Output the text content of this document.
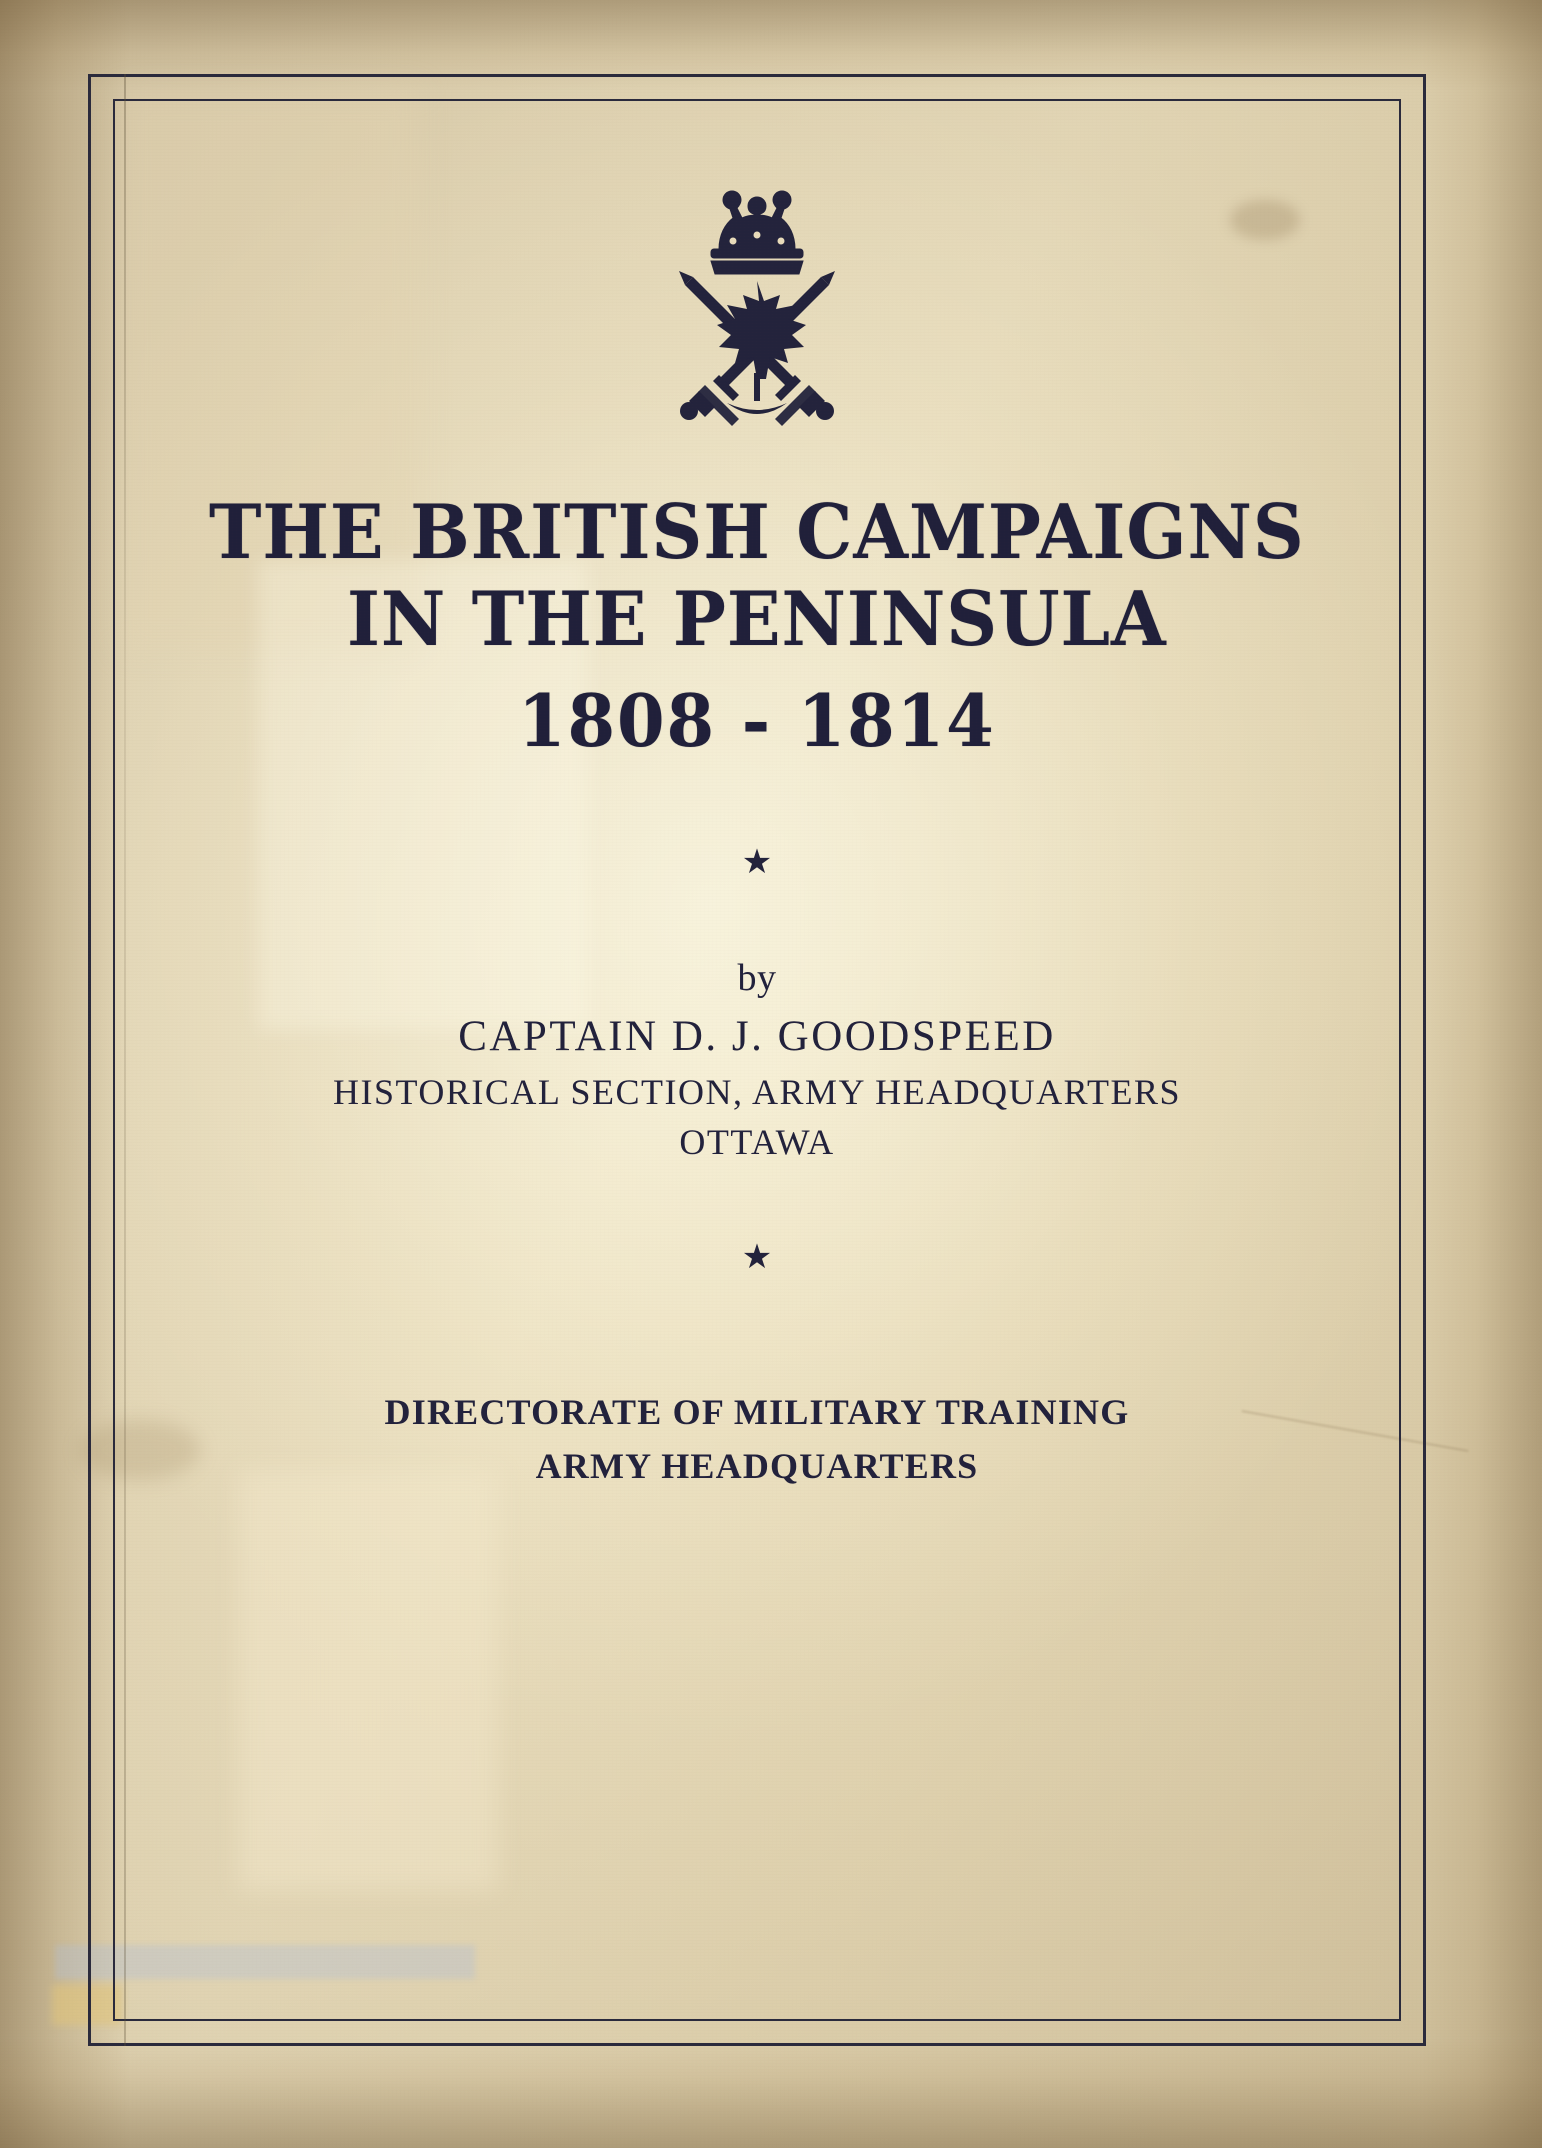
THE BRITISH CAMPAIGNS
IN THE PENINSULA
1808 - 1814
★
by
CAPTAIN D. J. GOODSPEED
HISTORICAL SECTION, ARMY HEADQUARTERS
OTTAWA
★
DIRECTORATE OF MILITARY TRAINING
ARMY HEADQUARTERS
